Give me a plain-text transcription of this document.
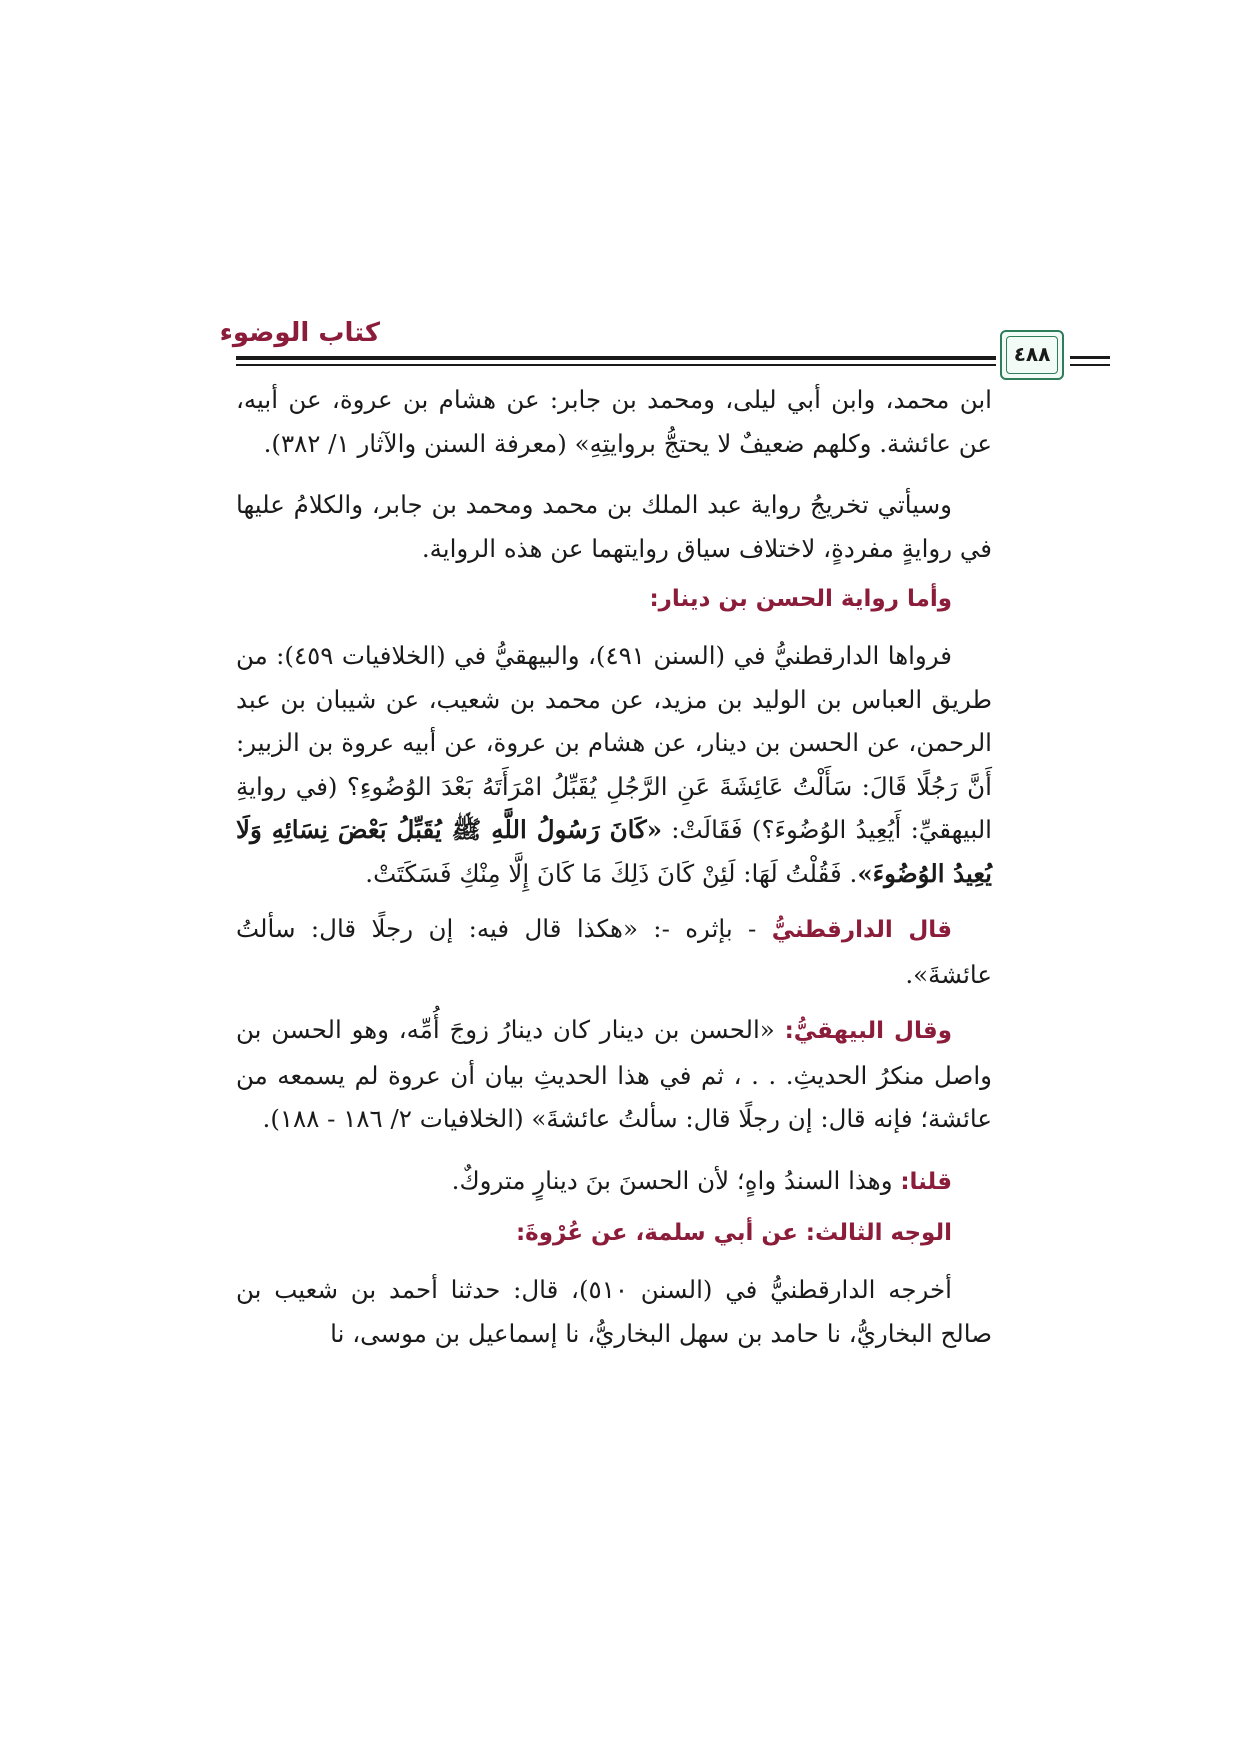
كتاب الوضوء
٤٨٨

ابن محمد، وابن أبي ليلى، ومحمد بن جابر: عن هشام بن عروة، عن أبيه، عن عائشة. وكلهم ضعيفٌ لا يحتجُّ بروايتِهِ» (معرفة السنن والآثار ١/ ٣٨٢).

وسيأتي تخريجُ رواية عبد الملك بن محمد ومحمد بن جابر، والكلامُ عليها في روايةٍ مفردةٍ، لاختلاف سياق روايتهما عن هذه الرواية.

وأما رواية الحسن بن دينار:

فرواها الدارقطنيُّ في (السنن ٤٩١)، والبيهقيُّ في (الخلافيات ٤٥٩): من طريق العباس بن الوليد بن مزيد، عن محمد بن شعيب، عن شيبان بن عبد الرحمن، عن الحسن بن دينار، عن هشام بن عروة، عن أبيه عروة بن الزبير: أَنَّ رَجُلًا قَالَ: سَأَلْتُ عَائِشَةَ عَنِ الرَّجُلِ يُقَبِّلُ امْرَأَتَهُ بَعْدَ الوُضُوءِ؟ (في روايةِ البيهقيِّ: أَيُعِيدُ الوُضُوءَ؟) فَقَالَتْ: «كَانَ رَسُولُ اللَّهِ ﷺ يُقَبِّلُ بَعْضَ نِسَائِهِ وَلَا يُعِيدُ الوُضُوءَ». فَقُلْتُ لَهَا: لَئِنْ كَانَ ذَلِكَ مَا كَانَ إِلَّا مِنْكِ فَسَكَتَتْ.

قال الدارقطنيُّ - بإثره -: «هكذا قال فيه: إن رجلًا قال: سألتُ عائشةَ».

وقال البيهقيُّ: «الحسن بن دينار كان دينارُ زوجَ أُمِّه، وهو الحسن بن واصل منكرُ الحديثِ. . . ، ثم في هذا الحديثِ بيان أن عروة لم يسمعه من عائشة؛ فإنه قال: إن رجلًا قال: سألتُ عائشةَ» (الخلافيات ٢/ ١٨٦ - ١٨٨).

قلنا: وهذا السندُ واهٍ؛ لأن الحسنَ بنَ دينارٍ متروكٌ.

الوجه الثالث: عن أبي سلمة، عن عُرْوةَ:

أخرجه الدارقطنيُّ في (السنن ٥١٠)، قال: حدثنا أحمد بن شعيب بن صالح البخاريُّ، نا حامد بن سهل البخاريُّ، نا إسماعيل بن موسى، نا
